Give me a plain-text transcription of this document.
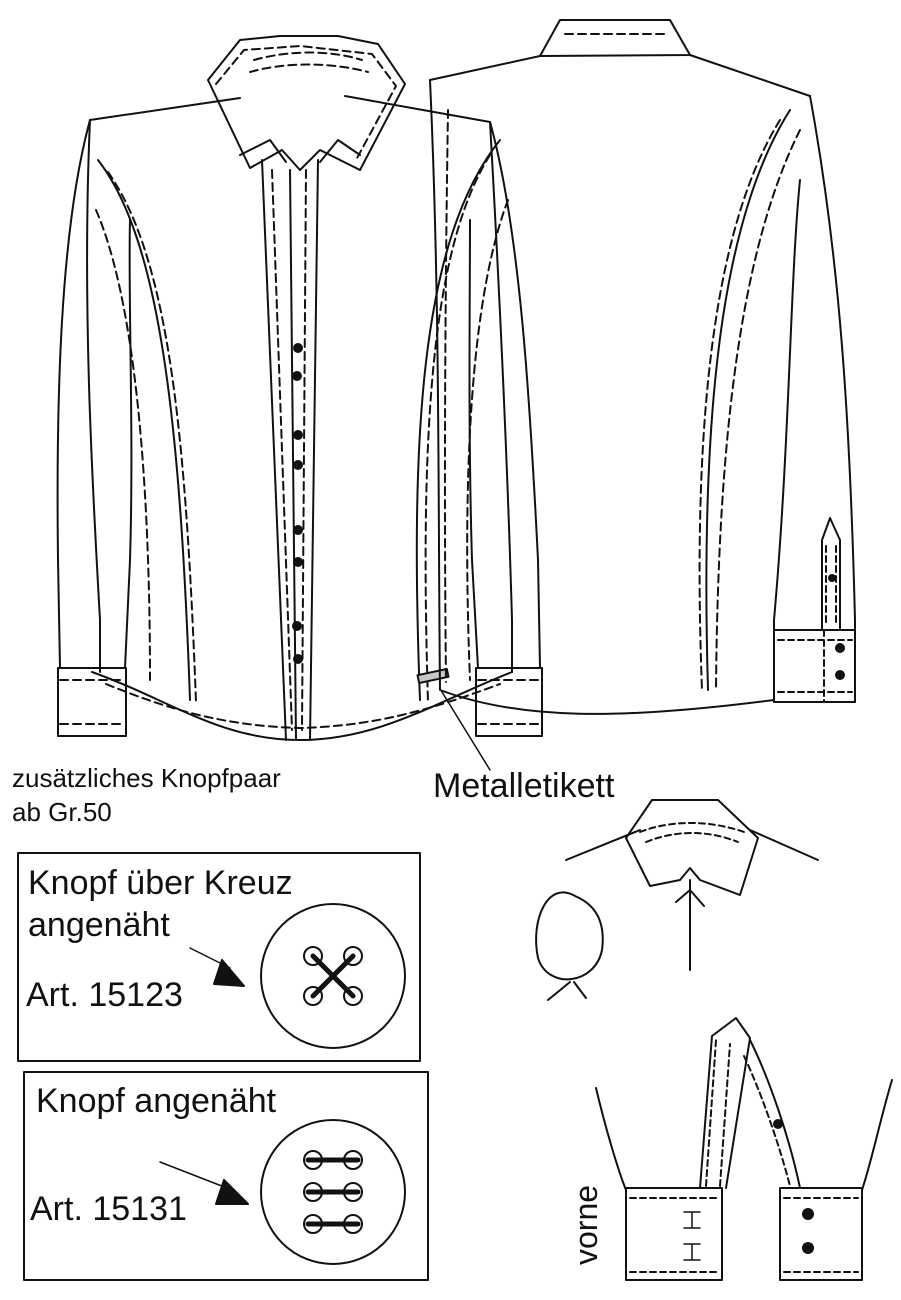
zusätzliches Knopfpaar
ab Gr.50
Metalletikett
Knopf über Kreuz
angenäht
Art. 15123
Knopf angenäht
Art. 15131	vorne
